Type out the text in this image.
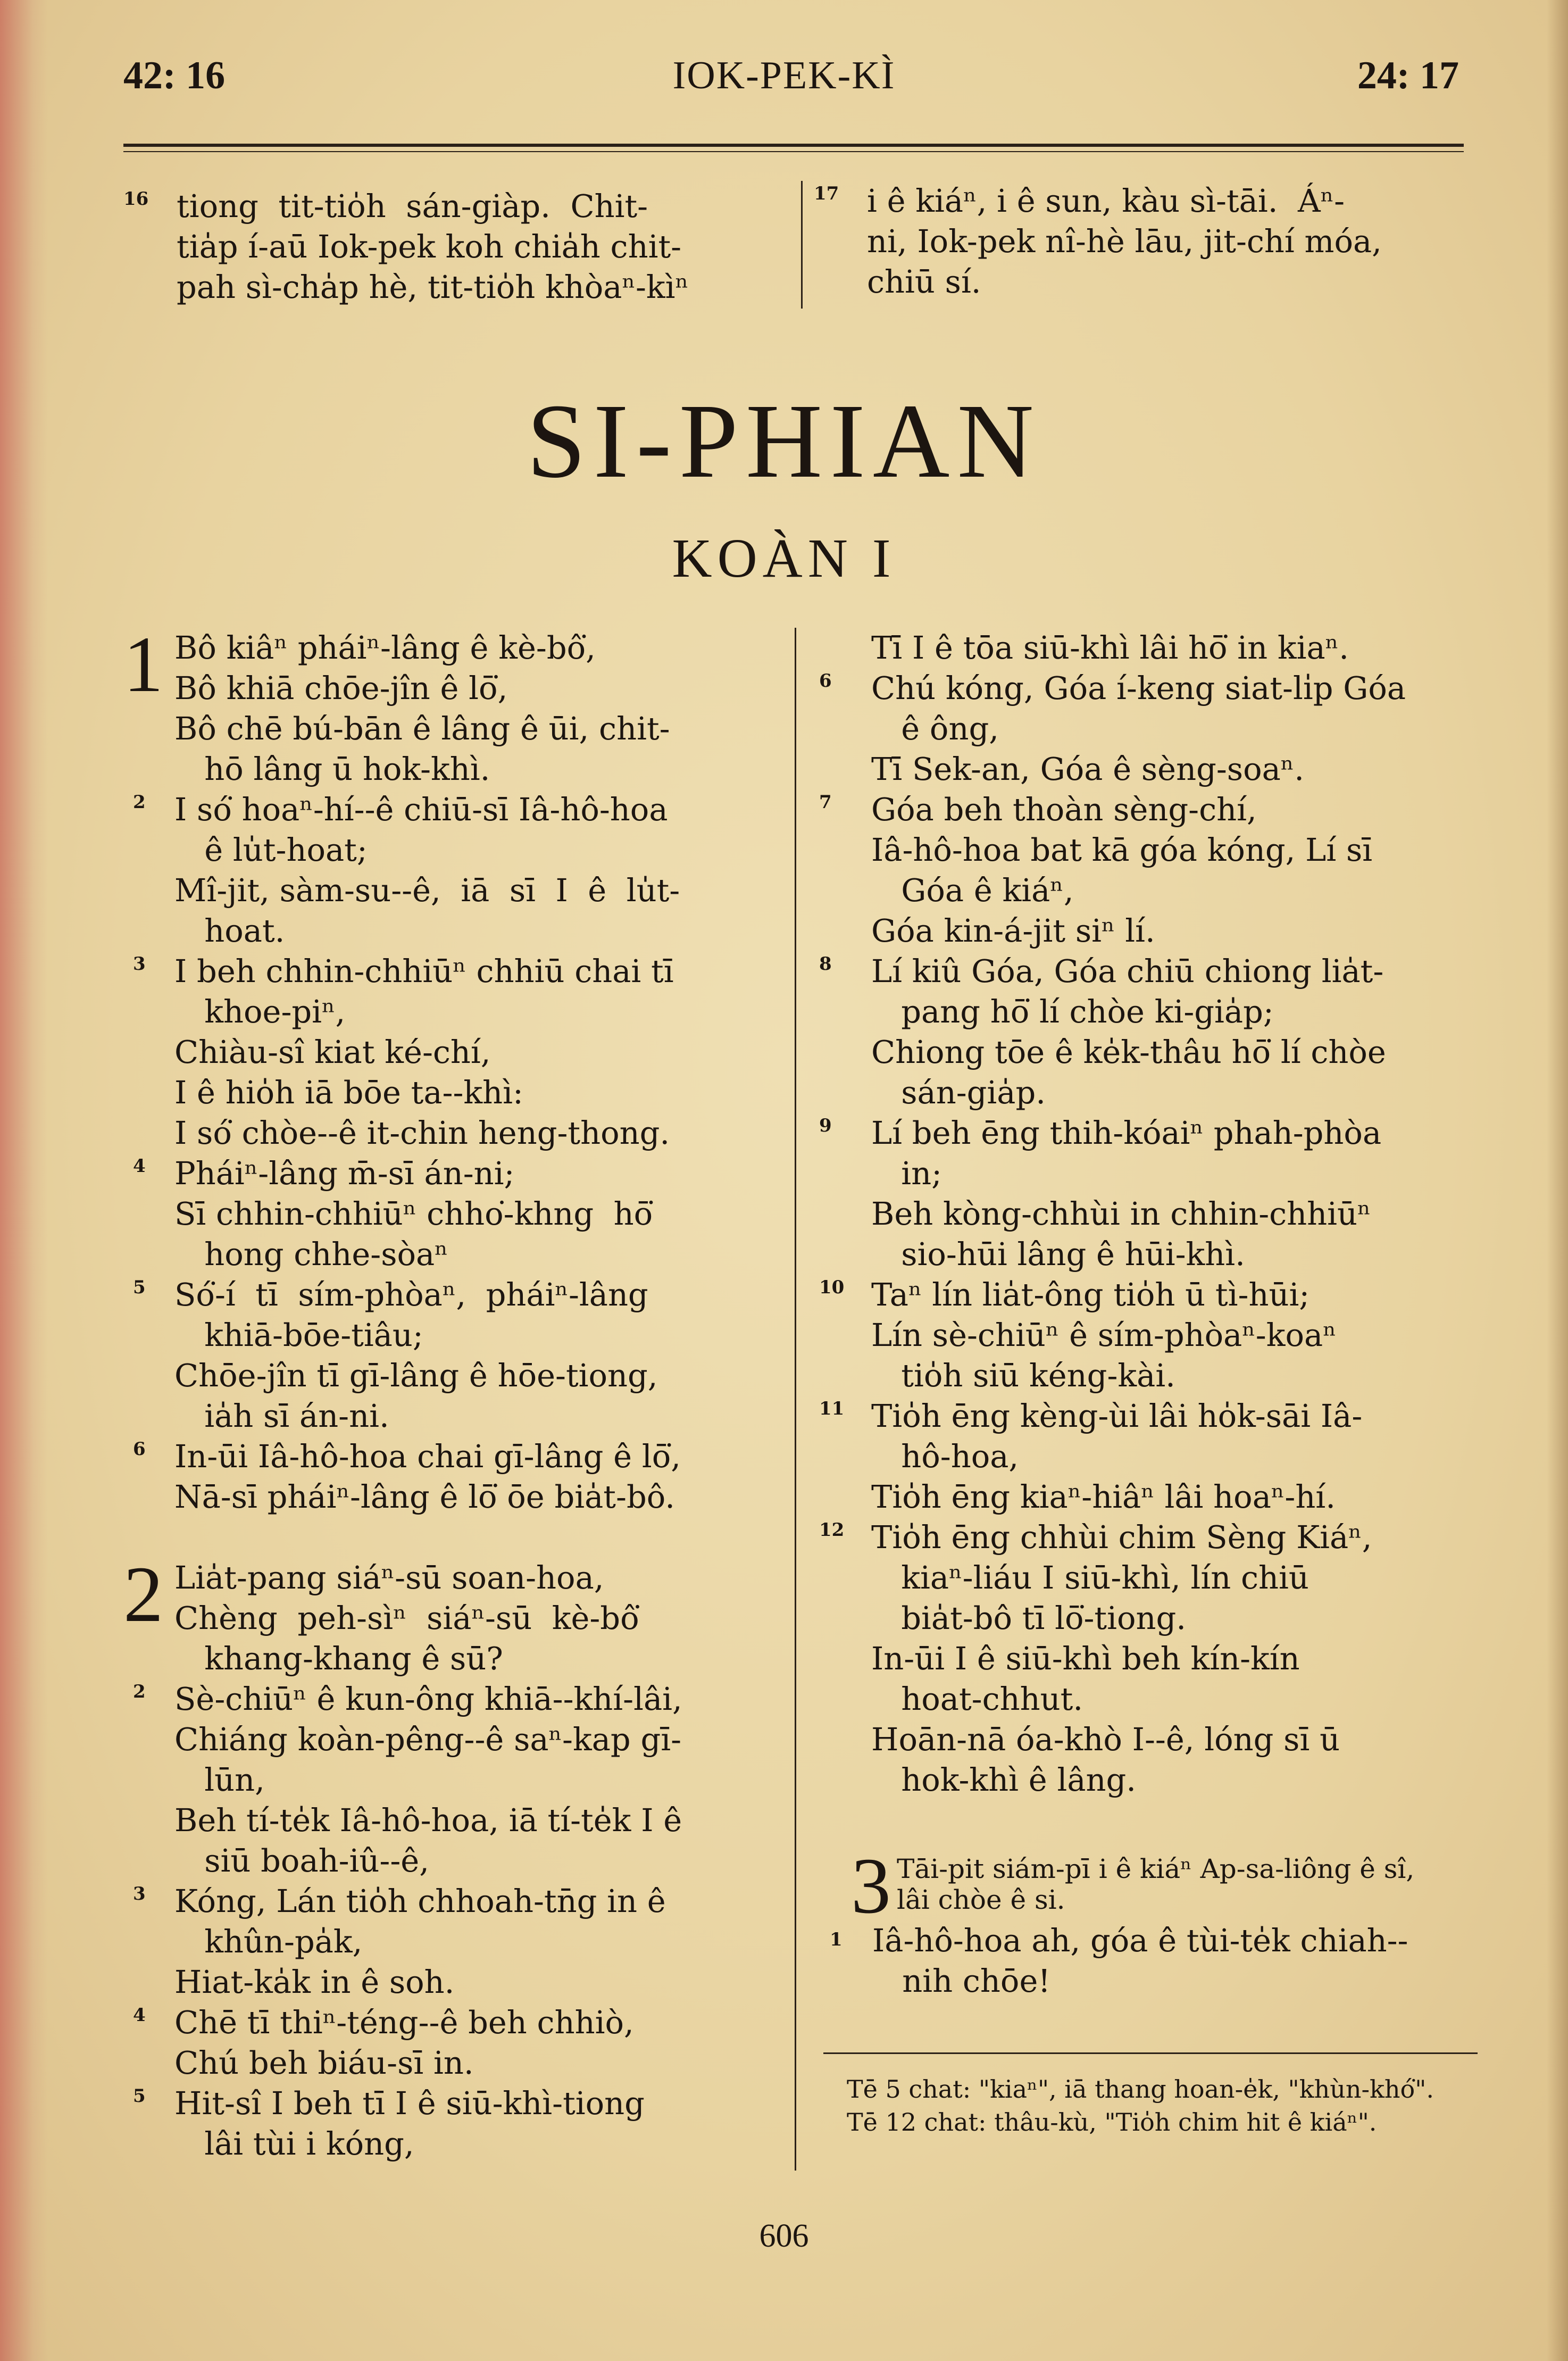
42: 16	IOK-PEK-KÌ	24: 17
16 tiong  tit-tio̍h  sán-giàp.  Chit-
tia̍p í-aū Iok-pek koh chia̍h chit-
pah sì-cha̍p hè, tit-tio̍h khòaⁿ-kìⁿ
17 i ê kiáⁿ, i ê sun, kàu sì-tāi.  Áⁿ-
ni, Iok-pek nî-hè lāu, jit-chí móa,
chiū sí.
SI-PHIAN
KOÀN I
1 Bô kiâⁿ pháiⁿ-lâng ê kè-bô͘,
Bô khiā chōe-jîn ê lō͘,
Bô chē bú-bān ê lâng ê ūi, chit-
hō lâng ū hok-khì.
2 I só͘ hoaⁿ-hí--ê chiū-sī Iâ-hô-hoa
ê lu̍t-hoat;
Mî-jit, sàm-su--ê,  iā  sī  I  ê  lu̍t-
hoat.
3 I beh chhin-chhiūⁿ chhiū chai tī
khoe-piⁿ,
Chiàu-sî kiat ké-chí,
I ê hio̍h iā bōe ta--khì:
I só͘ chòe--ê it-chin heng-thong.
4 Pháiⁿ-lâng m̄-sī án-ni;
Sī chhin-chhiūⁿ chho͘-khng  hō͘
hong chhe-sòaⁿ
5 Só͘-í  tī  sím-phòaⁿ,  pháiⁿ-lâng
khiā-bōe-tiâu;
Chōe-jîn tī gī-lâng ê hōe-tiong,
ia̍h sī án-ni.
6 In-ūi Iâ-hô-hoa chai gī-lâng ê lō͘,
Nā-sī pháiⁿ-lâng ê lō͘ ōe bia̍t-bô.
2 Lia̍t-pang siáⁿ-sū soan-hoa,
Chèng  peh-sìⁿ  siáⁿ-sū  kè-bô͘
khang-khang ê sū?
2 Sè-chiūⁿ ê kun-ông khiā--khí-lâi,
Chiáng koàn-pêng--ê saⁿ-kap gī-
lūn,
Beh tí-te̍k Iâ-hô-hoa, iā tí-te̍k I ê
siū boah-iû--ê,
3 Kóng, Lán tio̍h chhoah-tn̄g in ê
khûn-pa̍k,
Hiat-ka̍k in ê soh.
4 Chē tī thiⁿ-téng--ê beh chhiò,
Chú beh biáu-sī in.
5 Hit-sî I beh tī I ê siū-khì-tiong
lâi tùi i kóng,
Tī I ê tōa siū-khì lâi hō͘ in kiaⁿ.
6 Chú kóng, Góa í-keng siat-li̍p Góa
ê ông,
Tī Sek-an, Góa ê sèng-soaⁿ.
7 Góa beh thoàn sèng-chí,
Iâ-hô-hoa bat kā góa kóng, Lí sī
Góa ê kiáⁿ,
Góa kin-á-jit siⁿ lí.
8 Lí kiû Góa, Góa chiū chiong lia̍t-
pang hō͘ lí chòe ki-gia̍p;
Chiong tōe ê ke̍k-thâu hō͘ lí chòe
sán-gia̍p.
9 Lí beh ēng thih-kóaiⁿ phah-phòa
in;
Beh kòng-chhùi in chhin-chhiūⁿ
sio-hūi lâng ê hūi-khì.
10 Taⁿ lín lia̍t-ông tio̍h ū tì-hūi;
Lín sè-chiūⁿ ê sím-phòaⁿ-koaⁿ
tio̍h siū kéng-kài.
11 Tio̍h ēng kèng-ùi lâi ho̍k-sāi Iâ-
hô-hoa,
Tio̍h ēng kiaⁿ-hiâⁿ lâi hoaⁿ-hí.
12 Tio̍h ēng chhùi chim Sèng Kiáⁿ,
kiaⁿ-liáu I siū-khì, lín chiū
bia̍t-bô tī lō͘-tiong.
In-ūi I ê siū-khì beh kín-kín
hoat-chhut.
Hoān-nā óa-khò I--ê, lóng sī ū
hok-khì ê lâng.
3 Tāi-pit siám-pī i ê kiáⁿ Ap-sa-liông ê sî,
lâi chòe ê si.
1 Iâ-hô-hoa ah, góa ê tùi-te̍k chiah--
nih chōe!
Tē 5 chat: "kiaⁿ", iā thang hoan-e̍k, "khùn-khó͘".
Tē 12 chat: thâu-kù, "Tio̍h chim hit ê kiáⁿ".
606
